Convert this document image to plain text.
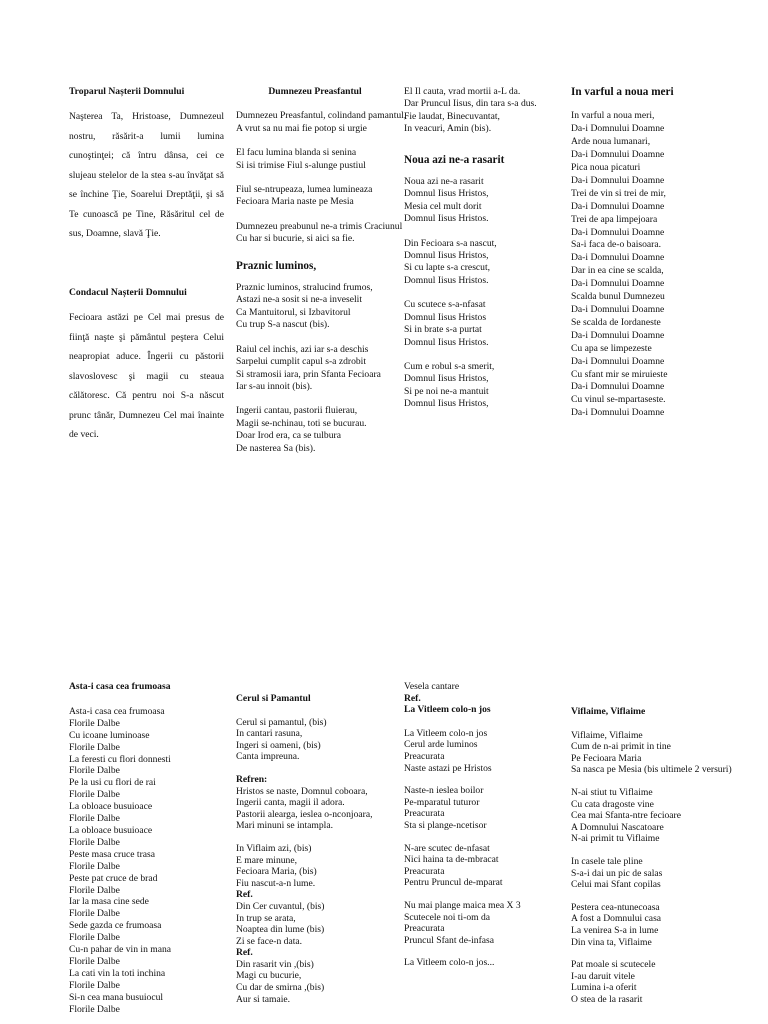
Troparul Nașterii Domnului
Naşterea Ta, Hristoase, Dumnezeul nostru, răsărit-a lumii lumina cunoştinţei; că întru dânsa, cei ce slujeau stelelor de la stea s-au învăţat să se închine Ţie, Soarelui Dreptăţii, şi să Te cunoască pe Tine, Răsăritul cel de sus, Doamne, slavă Ţie.
Condacul Nașterii Domnului
Fecioara astăzi pe Cel mai presus de fiinţă naşte şi pământul peştera Celui neapropiat aduce. Îngerii cu păstorii slavoslovesc şi magii cu steaua călătoresc. Că pentru noi S-a născut prunc tânăr, Dumnezeu Cel mai înainte de veci.
Dumnezeu Preasfantul
Dumnezeu Preasfantul, colindand pamantul,
A vrut sa nu mai fie potop si urgie
El facu lumina blanda si senina
Si isi trimise Fiul s-alunge pustiul
Fiul se-ntrupeaza, lumea lumineaza
Fecioara Maria naste pe Mesia
Dumnezeu preabunul ne-a trimis Craciunul
Cu har si bucurie, si aici sa fie.
Praznic luminos,
Praznic luminos, stralucind frumos,
Astazi ne-a sosit si ne-a inveselit
Ca Mantuitorul, si Izbavitorul
Cu trup S-a nascut (bis).
Raiul cel inchis, azi iar s-a deschis
Sarpelui cumplit capul s-a zdrobit
Si stramosii iara, prin Sfanta Fecioara
Iar s-au innoit (bis).
Ingerii cantau, pastorii fluierau,
Magii se-nchinau, toti se bucurau.
Doar Irod era, ca se tulbura
De nasterea Sa (bis).
El Il cauta, vrad mortii a-L da.
Dar Pruncul Iisus, din tara s-a dus.
Fie laudat, Binecuvantat,
In veacuri, Amin (bis).
Noua azi ne-a rasarit
Noua azi ne-a rasarit
Domnul Iisus Hristos,
Mesia cel mult dorit
Domnul Iisus Hristos.
Din Fecioara s-a nascut,
Domnul Iisus Hristos,
Si cu lapte s-a crescut,
Domnul Iisus Hristos.
Cu scutece s-a-nfasat
Domnul Iisus Hristos
Si in brate s-a purtat
Domnul Iisus Hristos.
Cum e robul s-a smerit,
Domnul Iisus Hristos,
Si pe noi ne-a mantuit
Domnul Iisus Hristos,
In varful a noua meri
In varful a noua meri,
Da-i Domnului Doamne
Arde noua lumanari,
Da-i Domnului Doamne
Pica noua picaturi
Da-i Domnului Doamne
Trei de vin si trei de mir,
Da-i Domnului Doamne
Trei de apa limpejoara
Da-i Domnului Doamne
Sa-i faca de-o baisoara.
Da-i Domnului Doamne
Dar in ea cine se scalda,
Da-i Domnului Doamne
Scalda bunul Dumnezeu
Da-i Domnului Doamne
Se scalda de Iordaneste
Da-i Domnului Doamne
Cu apa se limpezeste
Da-i Domnului Doamne
Cu sfant mir se miruieste
Da-i Domnului Doamne
Cu vinul se-mpartaseste.
Da-i Domnului Doamne
Asta-i casa cea frumoasa
Asta-i casa cea frumoasa
Florile Dalbe
Cu icoane luminoase
Florile Dalbe
La feresti cu flori donnesti
Florile Dalbe
Pe la usi cu flori de rai
Florile Dalbe
La obloace busuioace
Florile Dalbe
La obloace busuioace
Florile Dalbe
Peste masa cruce trasa
Florile Dalbe
Peste pat cruce de brad
Florile Dalbe
Iar la masa cine sede
Florile Dalbe
Sede gazda ce frumoasa
Florile Dalbe
Cu-n pahar de vin in mana
Florile Dalbe
La cati vin la toti inchina
Florile Dalbe
Si-n cea mana busuiocul
Florile Dalbe
Cerul si Pamantul
Cerul si pamantul, (bis)
In cantari rasuna,
Ingeri si oameni, (bis)
Canta impreuna.
Refren:
Hristos se naste, Domnul coboara,
Ingerii canta, magii il adora.
Pastorii alearga, ieslea o-nconjoara,
Mari minuni se intampla.
In Viflaim azi, (bis)
E mare minune,
Fecioara Maria, (bis)
Fiu nascut-a-n lume.
Ref.
Din Cer cuvantul, (bis)
In trup se arata,
Noaptea din lume (bis)
Zi se face-n data.
Ref.
Din rasarit vin ,(bis)
Magi cu bucurie,
Cu dar de smirna ,(bis)
Aur si tamaie.
Vesela cantare
Ref.
La Vitleem colo-n jos
La Vitleem colo-n jos
Cerul arde luminos
Preacurata
Naste astazi pe Hristos
Naste-n ieslea boilor
Pe-mparatul tuturor
Preacurata
Sta si plange-ncetisor
N-are scutec de-nfasat
Nici haina ta de-mbracat
Preacurata
Pentru Pruncul de-mparat
Nu mai plange maica mea X 3
Scutecele noi ti-om da
Preacurata
Pruncul Sfant de-infasa
La Vitleem colo-n jos...
Viflaime, Viflaime
Viflaime, Viflaime
Cum de n-ai primit in tine
Pe Fecioara Maria
Sa nasca pe Mesia (bis ultimele 2 versuri)
N-ai stiut tu Viflaime
Cu cata dragoste vine
Cea mai Sfanta-ntre fecioare
A Domnului Nascatoare
N-ai primit tu Viflaime
In casele tale pline
S-a-i dai un pic de salas
Celui mai Sfant copilas
Pestera cea-ntunecoasa
A fost a Domnului casa
La venirea S-a in lume
Din vina ta, Viflaime
Pat moale si scutecele
I-au daruit vitele
Lumina i-a oferit
O stea de la rasarit
